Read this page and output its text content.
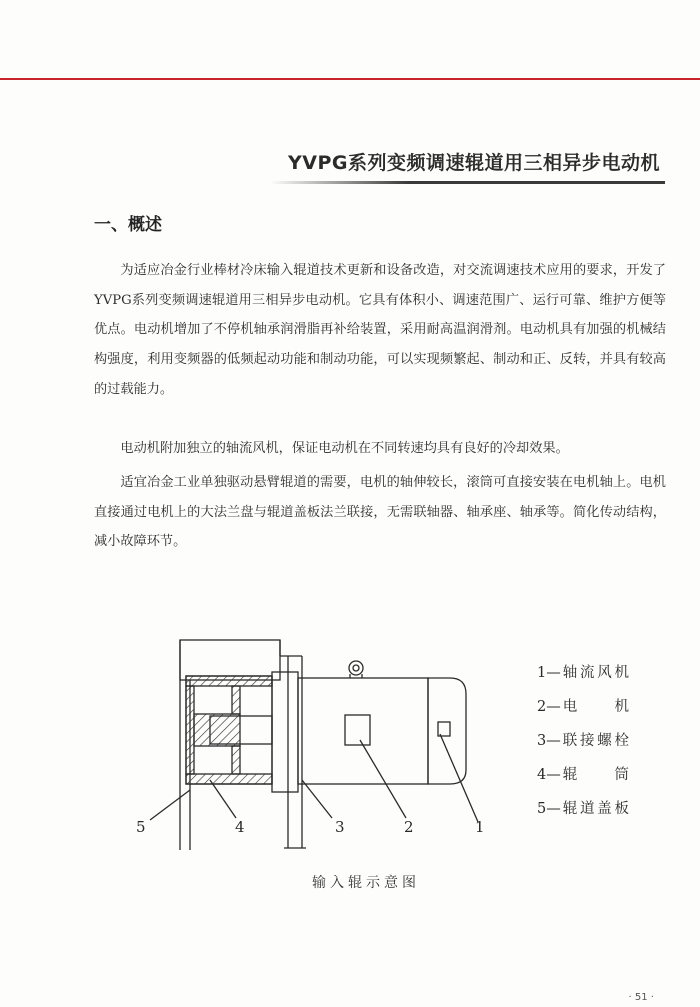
YVPG系列变频调速辊道用三相异步电动机
一、概述

为适应冶金行业棒材冷床输入辊道技术更新和设备改造，对交流调速技术应用的要求，开发了YVPG系列变频调速辊道用三相异步电动机。它具有体积小、调速范围广、运行可靠、维护方便等优点。电动机增加了不停机轴承润滑脂再补给装置，采用耐高温润滑剂。电动机具有加强的机械结构强度，利用变频器的低频起动功能和制动功能，可以实现频繁起、制动和正、反转，并具有较高的过载能力。

电动机附加独立的轴流风机，保证电动机在不同转速均具有良好的冷却效果。

适宜冶金工业单独驱动悬臂辊道的需要，电机的轴伸较长，滚筒可直接安装在电机轴上。电机直接通过电机上的大法兰盘与辊道盖板法兰联接，无需联轴器、轴承座、轴承等。简化传动结构，减小故障环节。

5	4	3	2	1
输入辊示意图
1— 轴流风机
2— 电机
3— 联接螺栓
4— 辊筒
5— 辊道盖板
· 51 ·
